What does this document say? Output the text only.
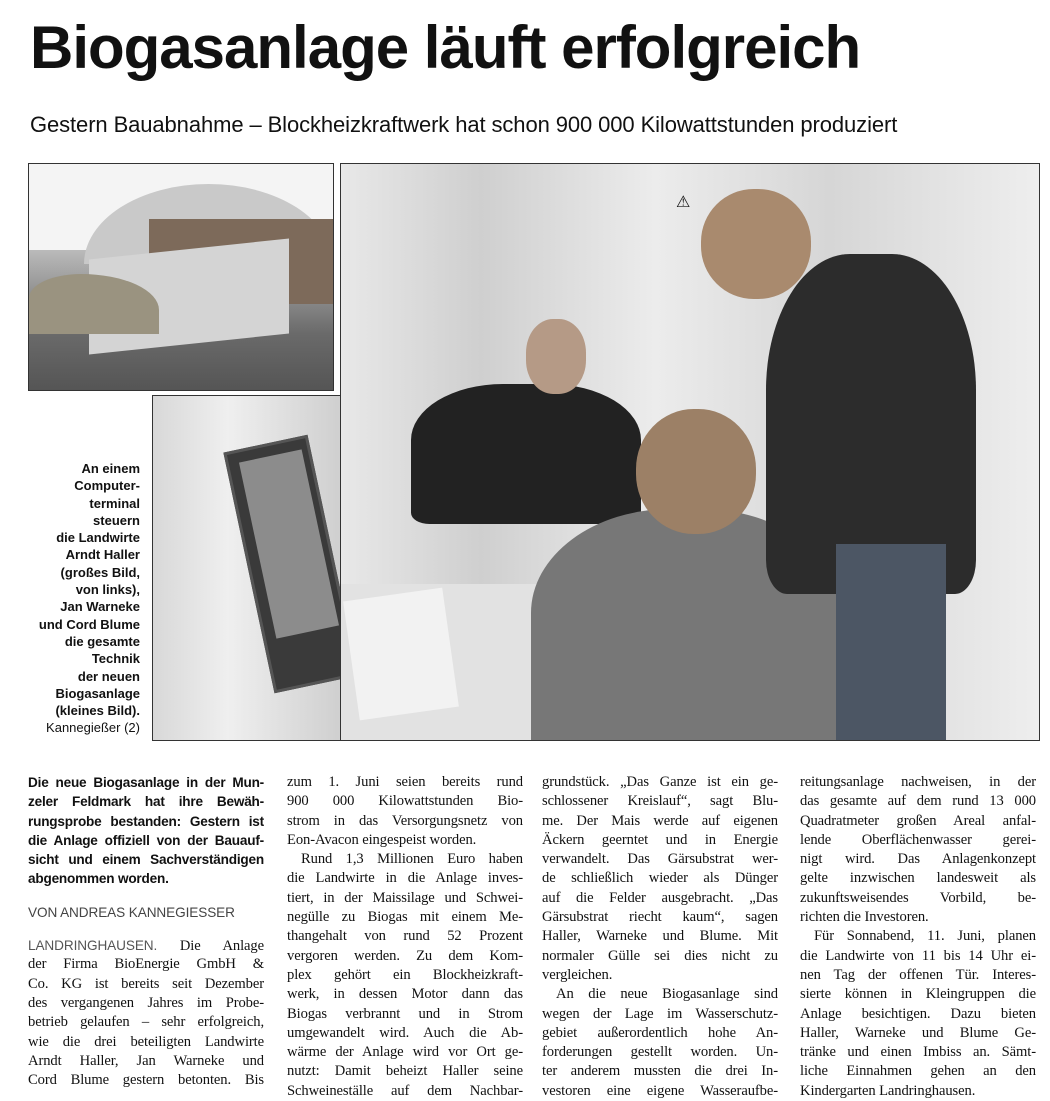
Biogasanlage läuft erfolgreich
Gestern Bauabnahme – Blockheizkraftwerk hat schon 900 000 Kilowattstunden produziert
⚠
An einem
Computer-
terminal
steuern
die Landwirte
Arndt Haller
(großes Bild,
von links),
Jan Warneke
und Cord Blume
die gesamte
Technik
der neuen
Biogasanlage
(kleines Bild).
Kannegießer (2)
Die neue Biogasanlage in der Mun-
zeler Feldmark hat ihre Bewäh-
rungsprobe bestanden: Gestern ist
die Anlage offiziell von der Bauauf-
sicht und einem Sachverständigen
abgenommen worden.
VON ANDREAS KANNEGIESSER
LANDRINGHAUSEN. Die Anlage
der Firma BioEnergie GmbH &
Co. KG ist bereits seit Dezember
des vergangenen Jahres im Probe-
betrieb gelaufen – sehr erfolgreich,
wie die drei beteiligten Landwirte
Arndt Haller, Jan Warneke und
Cord Blume gestern betonten. Bis
zum 1. Juni seien bereits rund
900 000 Kilowattstunden Bio-
strom in das Versorgungsnetz von
Eon-Avacon eingespeist worden.
Rund 1,3 Millionen Euro haben
die Landwirte in die Anlage inves-
tiert, in der Maissilage und Schwei-
negülle zu Biogas mit einem Me-
thangehalt von rund 52 Prozent
vergoren werden. Zu dem Kom-
plex gehört ein Blockheizkraft-
werk, in dessen Motor dann das
Biogas verbrannt und in Strom
umgewandelt wird. Auch die Ab-
wärme der Anlage wird vor Ort ge-
nutzt: Damit beheizt Haller seine
Schweineställe auf dem Nachbar-
grundstück. „Das Ganze ist ein ge-
schlossener Kreislauf“, sagt Blu-
me. Der Mais werde auf eigenen
Äckern geerntet und in Energie
verwandelt. Das Gärsubstrat wer-
de schließlich wieder als Dünger
auf die Felder ausgebracht. „Das
Gärsubstrat riecht kaum“, sagen
Haller, Warneke und Blume. Mit
normaler Gülle sei dies nicht zu
vergleichen.
An die neue Biogasanlage sind
wegen der Lage im Wasserschutz-
gebiet außerordentlich hohe An-
forderungen gestellt worden. Un-
ter anderem mussten die drei In-
vestoren eine eigene Wasseraufbe-
reitungsanlage nachweisen, in der
das gesamte auf dem rund 13 000
Quadratmeter großen Areal anfal-
lende Oberflächenwasser gerei-
nigt wird. Das Anlagenkonzept
gelte inzwischen landesweit als
zukunftsweisendes Vorbild, be-
richten die Investoren.
Für Sonnabend, 11. Juni, planen
die Landwirte von 11 bis 14 Uhr ei-
nen Tag der offenen Tür. Interes-
sierte können in Kleingruppen die
Anlage besichtigen. Dazu bieten
Haller, Warneke und Blume Ge-
tränke und einen Imbiss an. Sämt-
liche Einnahmen gehen an den
Kindergarten Landringhausen.
